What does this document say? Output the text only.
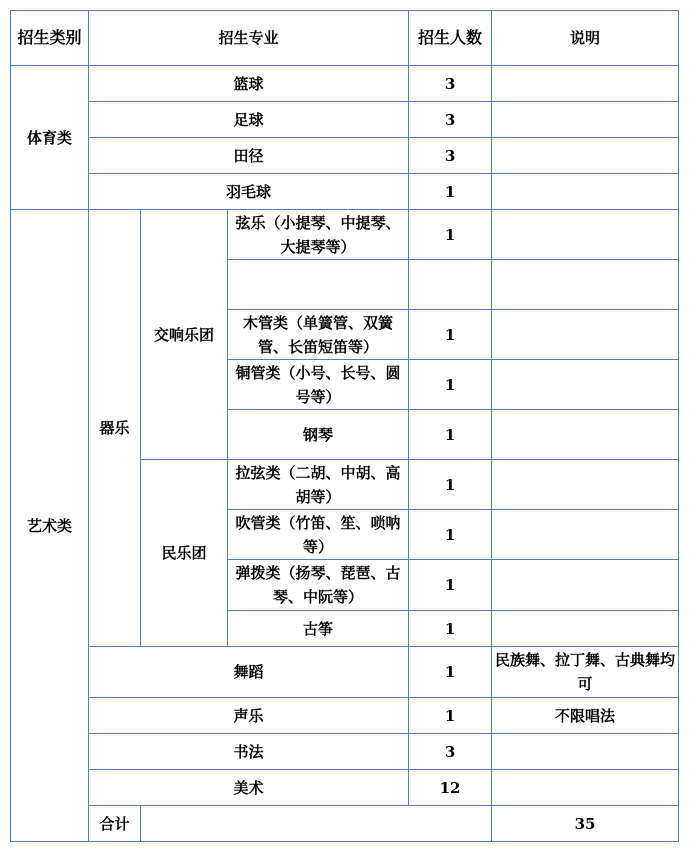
招生类别	招生专业			招生人数	说明	
体育类	篮球			3		
	足球			3		
	田径			3		
	羽毛球			1		
艺术类	器乐	交响乐团	弦乐（小提琴、中提琴、大提琴等）	1		

			木管类（单簧管、双簧管、长笛短笛等）	1		
			铜管类（小号、长号、圆号等）	1		
			钢琴	1		
		民乐团	拉弦类（二胡、中胡、高胡等）	1		
			吹管类（竹笛、笙、唢呐等）	1		
			弹拨类（扬琴、琵琶、古琴、中阮等）	1		
			古筝	1		
	舞蹈			1	民族舞、拉丁舞、古典舞均可	
	声乐			1	不限唱法	
	书法			3		
	美术			12		
	合计				35	
